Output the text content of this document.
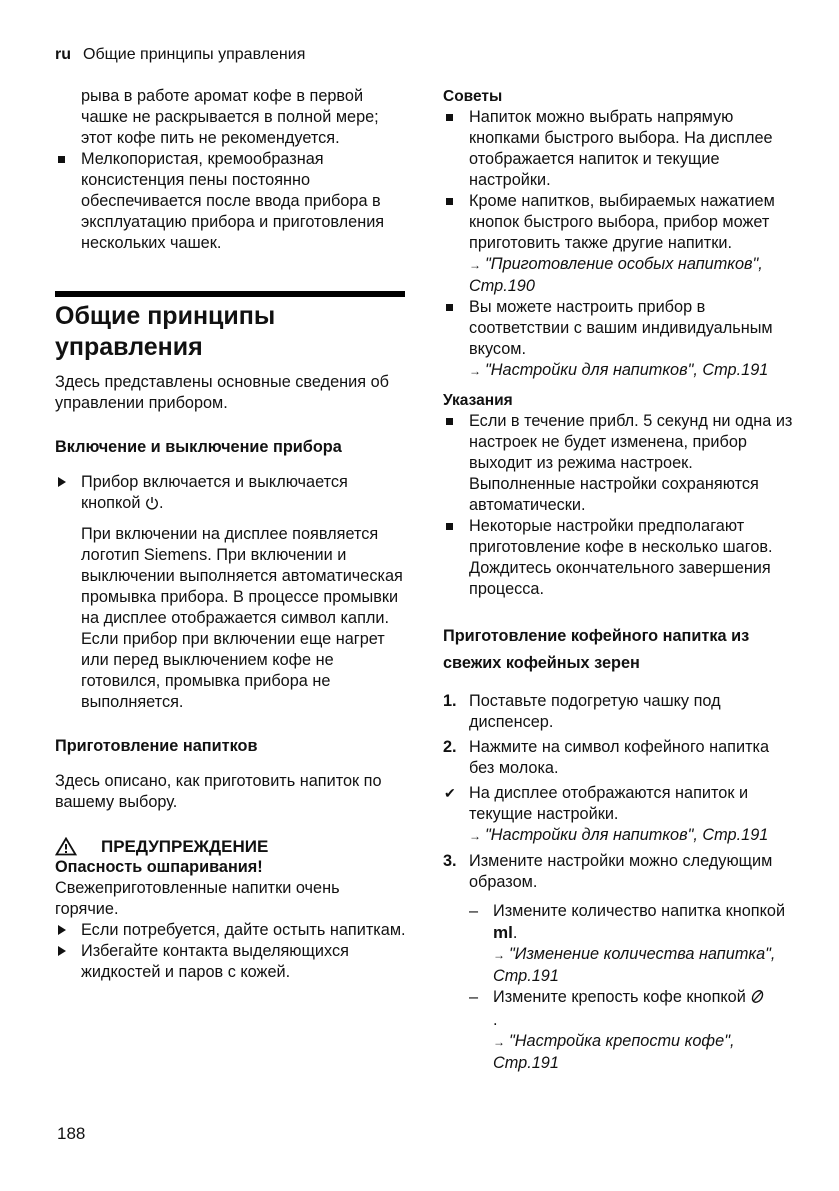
ru Общие принципы управления

рыва в работе аромат кофе в первой чашке не раскрывается в полной мере; этот кофе пить не рекомендуется.

Мелкопористая, кремообразная консистенция пены постоянно обеспечивается после ввода прибора в эксплуатацию прибора и приготовления нескольких чашек.
Общие принципы
управления

Здесь представлены основные сведения об управлении прибором.

Включение и выключение прибора
Прибор включается и выключается кнопкой .

При включении на дисплее появляется логотип Siemens. При включении и выключении выполняется автоматическая промывка прибора. В процессе промывки на дисплее отображается символ капли. Если прибор при включении еще нагрет или перед выключением кофе не готовился, промывка прибора не выполняется.

Приготовление напитков

Здесь описано, как приготовить напиток по вашему выбору.

ПРЕДУПРЕЖДЕНИЕ
Опасность ошпаривания!

Свежеприготовленные напитки очень горячие.

Если потребуется, дайте остыть напиткам.
Избегайте контакта выделяющихся жидкостей и паров с кожей.
Советы
Напиток можно выбрать напрямую кнопками быстрого выбора. На дисплее отображается напиток и текущие настройки.
Кроме напитков, выбираемых нажатием кнопок быстрого выбора, прибор может приготовить также другие напитки.
→ "Приготовление особых напитков", Стр.190
Вы можете настроить прибор в соответствии с вашим индивидуальным вкусом.
→ "Настройки для напитков", Стр.191
Указания
Если в течение прибл. 5 секунд ни одна из настроек не будет изменена, прибор выходит из режима настроек. Выполненные настройки сохраняются автоматически.
Некоторые настройки предполагают приготовление кофе в несколько шагов. Дождитесь окончательного завершения процесса.
Приготовление кофейного напитка из
свежих кофейных зерен
1. Поставьте подогретую чашку под диспенсер.
2. Нажмите на символ кофейного напитка без молока.
✔ На дисплее отображаются напиток и текущие настройки.
→ "Настройки для напитков", Стр.191
3. Измените настройки можно следующим образом.
– Измените количество напитка кнопкой ml.
→ "Изменение количества напитка", Стр.191
– Измените крепость кофе кнопкой
.
→ "Настройка крепости кофе", Стр.191
188
